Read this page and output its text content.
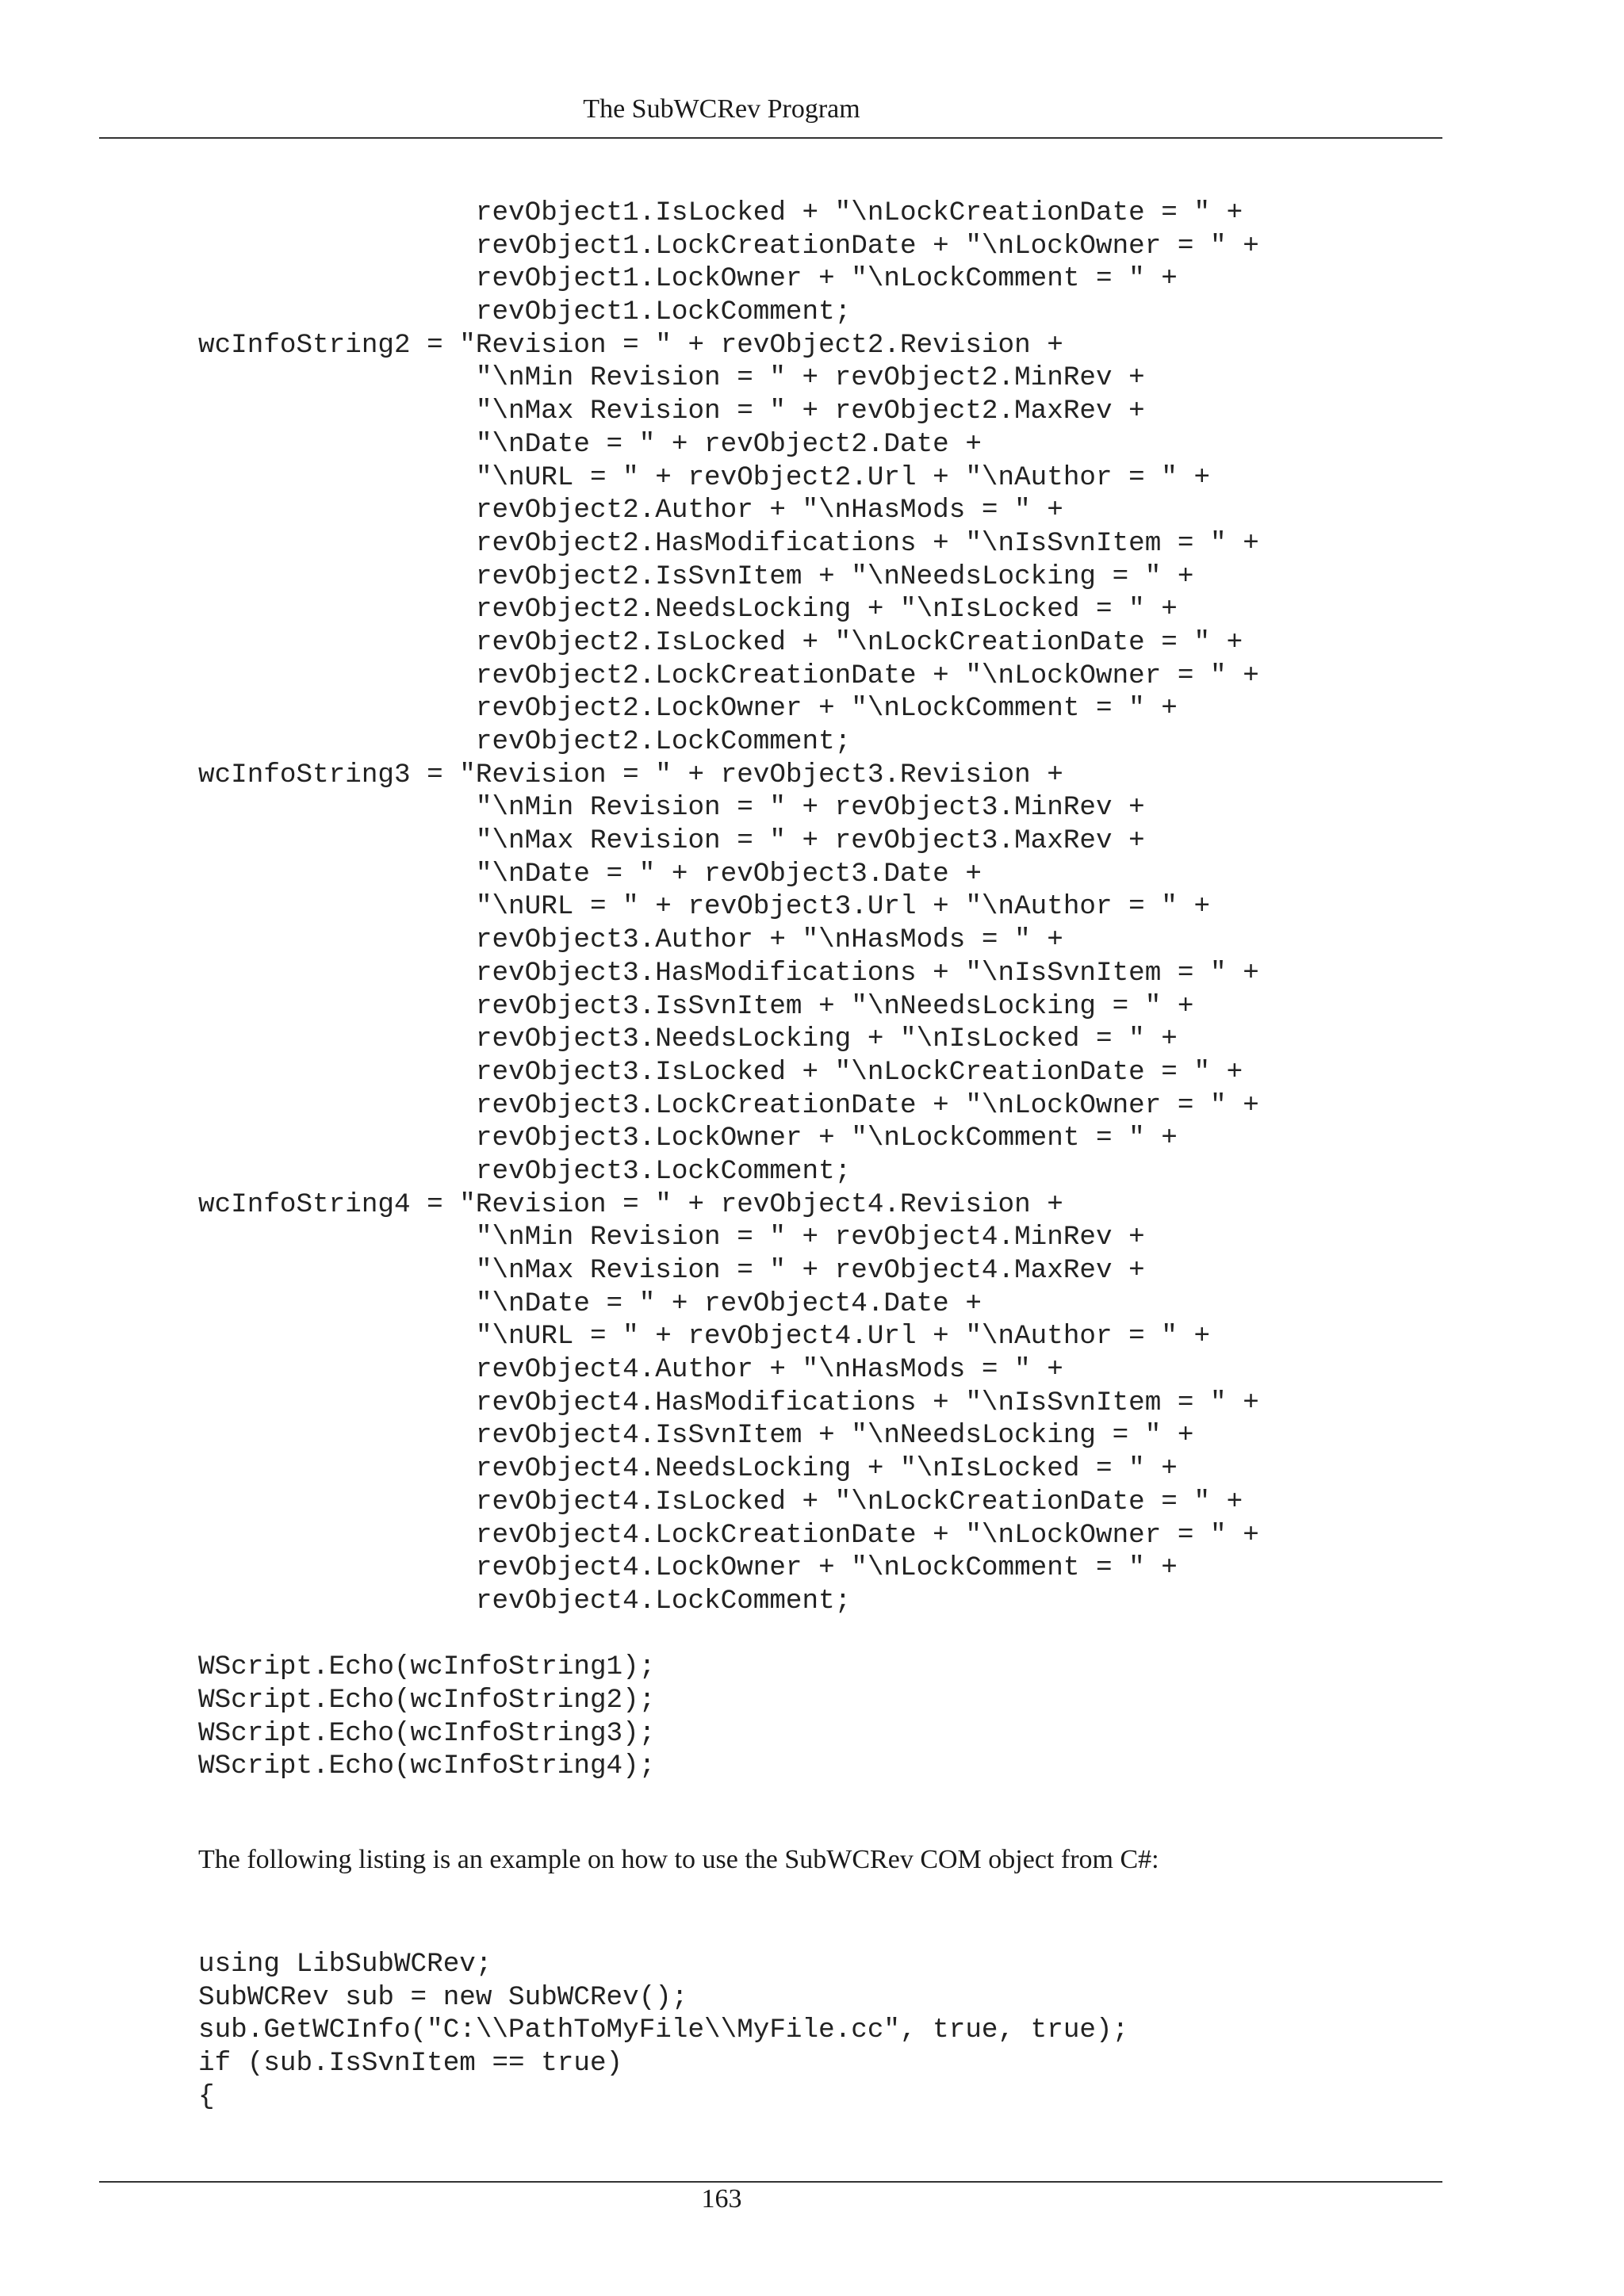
The SubWCRev Program
revObject1.IsLocked + "\nLockCreationDate = " +
revObject1.LockCreationDate + "\nLockOwner = " +
revObject1.LockOwner + "\nLockComment = " +
revObject1.LockComment;
wcInfoString2 = "Revision = " + revObject2.Revision +
"\nMin Revision = " + revObject2.MinRev +
"\nMax Revision = " + revObject2.MaxRev +
"\nDate = " + revObject2.Date +
"\nURL = " + revObject2.Url + "\nAuthor = " +
revObject2.Author + "\nHasMods = " +
revObject2.HasModifications + "\nIsSvnItem = " +
revObject2.IsSvnItem + "\nNeedsLocking = " +
revObject2.NeedsLocking + "\nIsLocked = " +
revObject2.IsLocked + "\nLockCreationDate = " +
revObject2.LockCreationDate + "\nLockOwner = " +
revObject2.LockOwner + "\nLockComment = " +
revObject2.LockComment;
wcInfoString3 = "Revision = " + revObject3.Revision +
"\nMin Revision = " + revObject3.MinRev +
"\nMax Revision = " + revObject3.MaxRev +
"\nDate = " + revObject3.Date +
"\nURL = " + revObject3.Url + "\nAuthor = " +
revObject3.Author + "\nHasMods = " +
revObject3.HasModifications + "\nIsSvnItem = " +
revObject3.IsSvnItem + "\nNeedsLocking = " +
revObject3.NeedsLocking + "\nIsLocked = " +
revObject3.IsLocked + "\nLockCreationDate = " +
revObject3.LockCreationDate + "\nLockOwner = " +
revObject3.LockOwner + "\nLockComment = " +
revObject3.LockComment;
wcInfoString4 = "Revision = " + revObject4.Revision +
"\nMin Revision = " + revObject4.MinRev +
"\nMax Revision = " + revObject4.MaxRev +
"\nDate = " + revObject4.Date +
"\nURL = " + revObject4.Url + "\nAuthor = " +
revObject4.Author + "\nHasMods = " +
revObject4.HasModifications + "\nIsSvnItem = " +
revObject4.IsSvnItem + "\nNeedsLocking = " +
revObject4.NeedsLocking + "\nIsLocked = " +
revObject4.IsLocked + "\nLockCreationDate = " +
revObject4.LockCreationDate + "\nLockOwner = " +
revObject4.LockOwner + "\nLockComment = " +
revObject4.LockComment;
WScript.Echo(wcInfoString1);
WScript.Echo(wcInfoString2);
WScript.Echo(wcInfoString3);
WScript.Echo(wcInfoString4);

The following listing is an example on how to use the SubWCRev COM object from C#:

using LibSubWCRev;
SubWCRev sub = new SubWCRev();
sub.GetWCInfo("C:\\PathToMyFile\\MyFile.cc", true, true);
if (sub.IsSvnItem == true)
{
163
